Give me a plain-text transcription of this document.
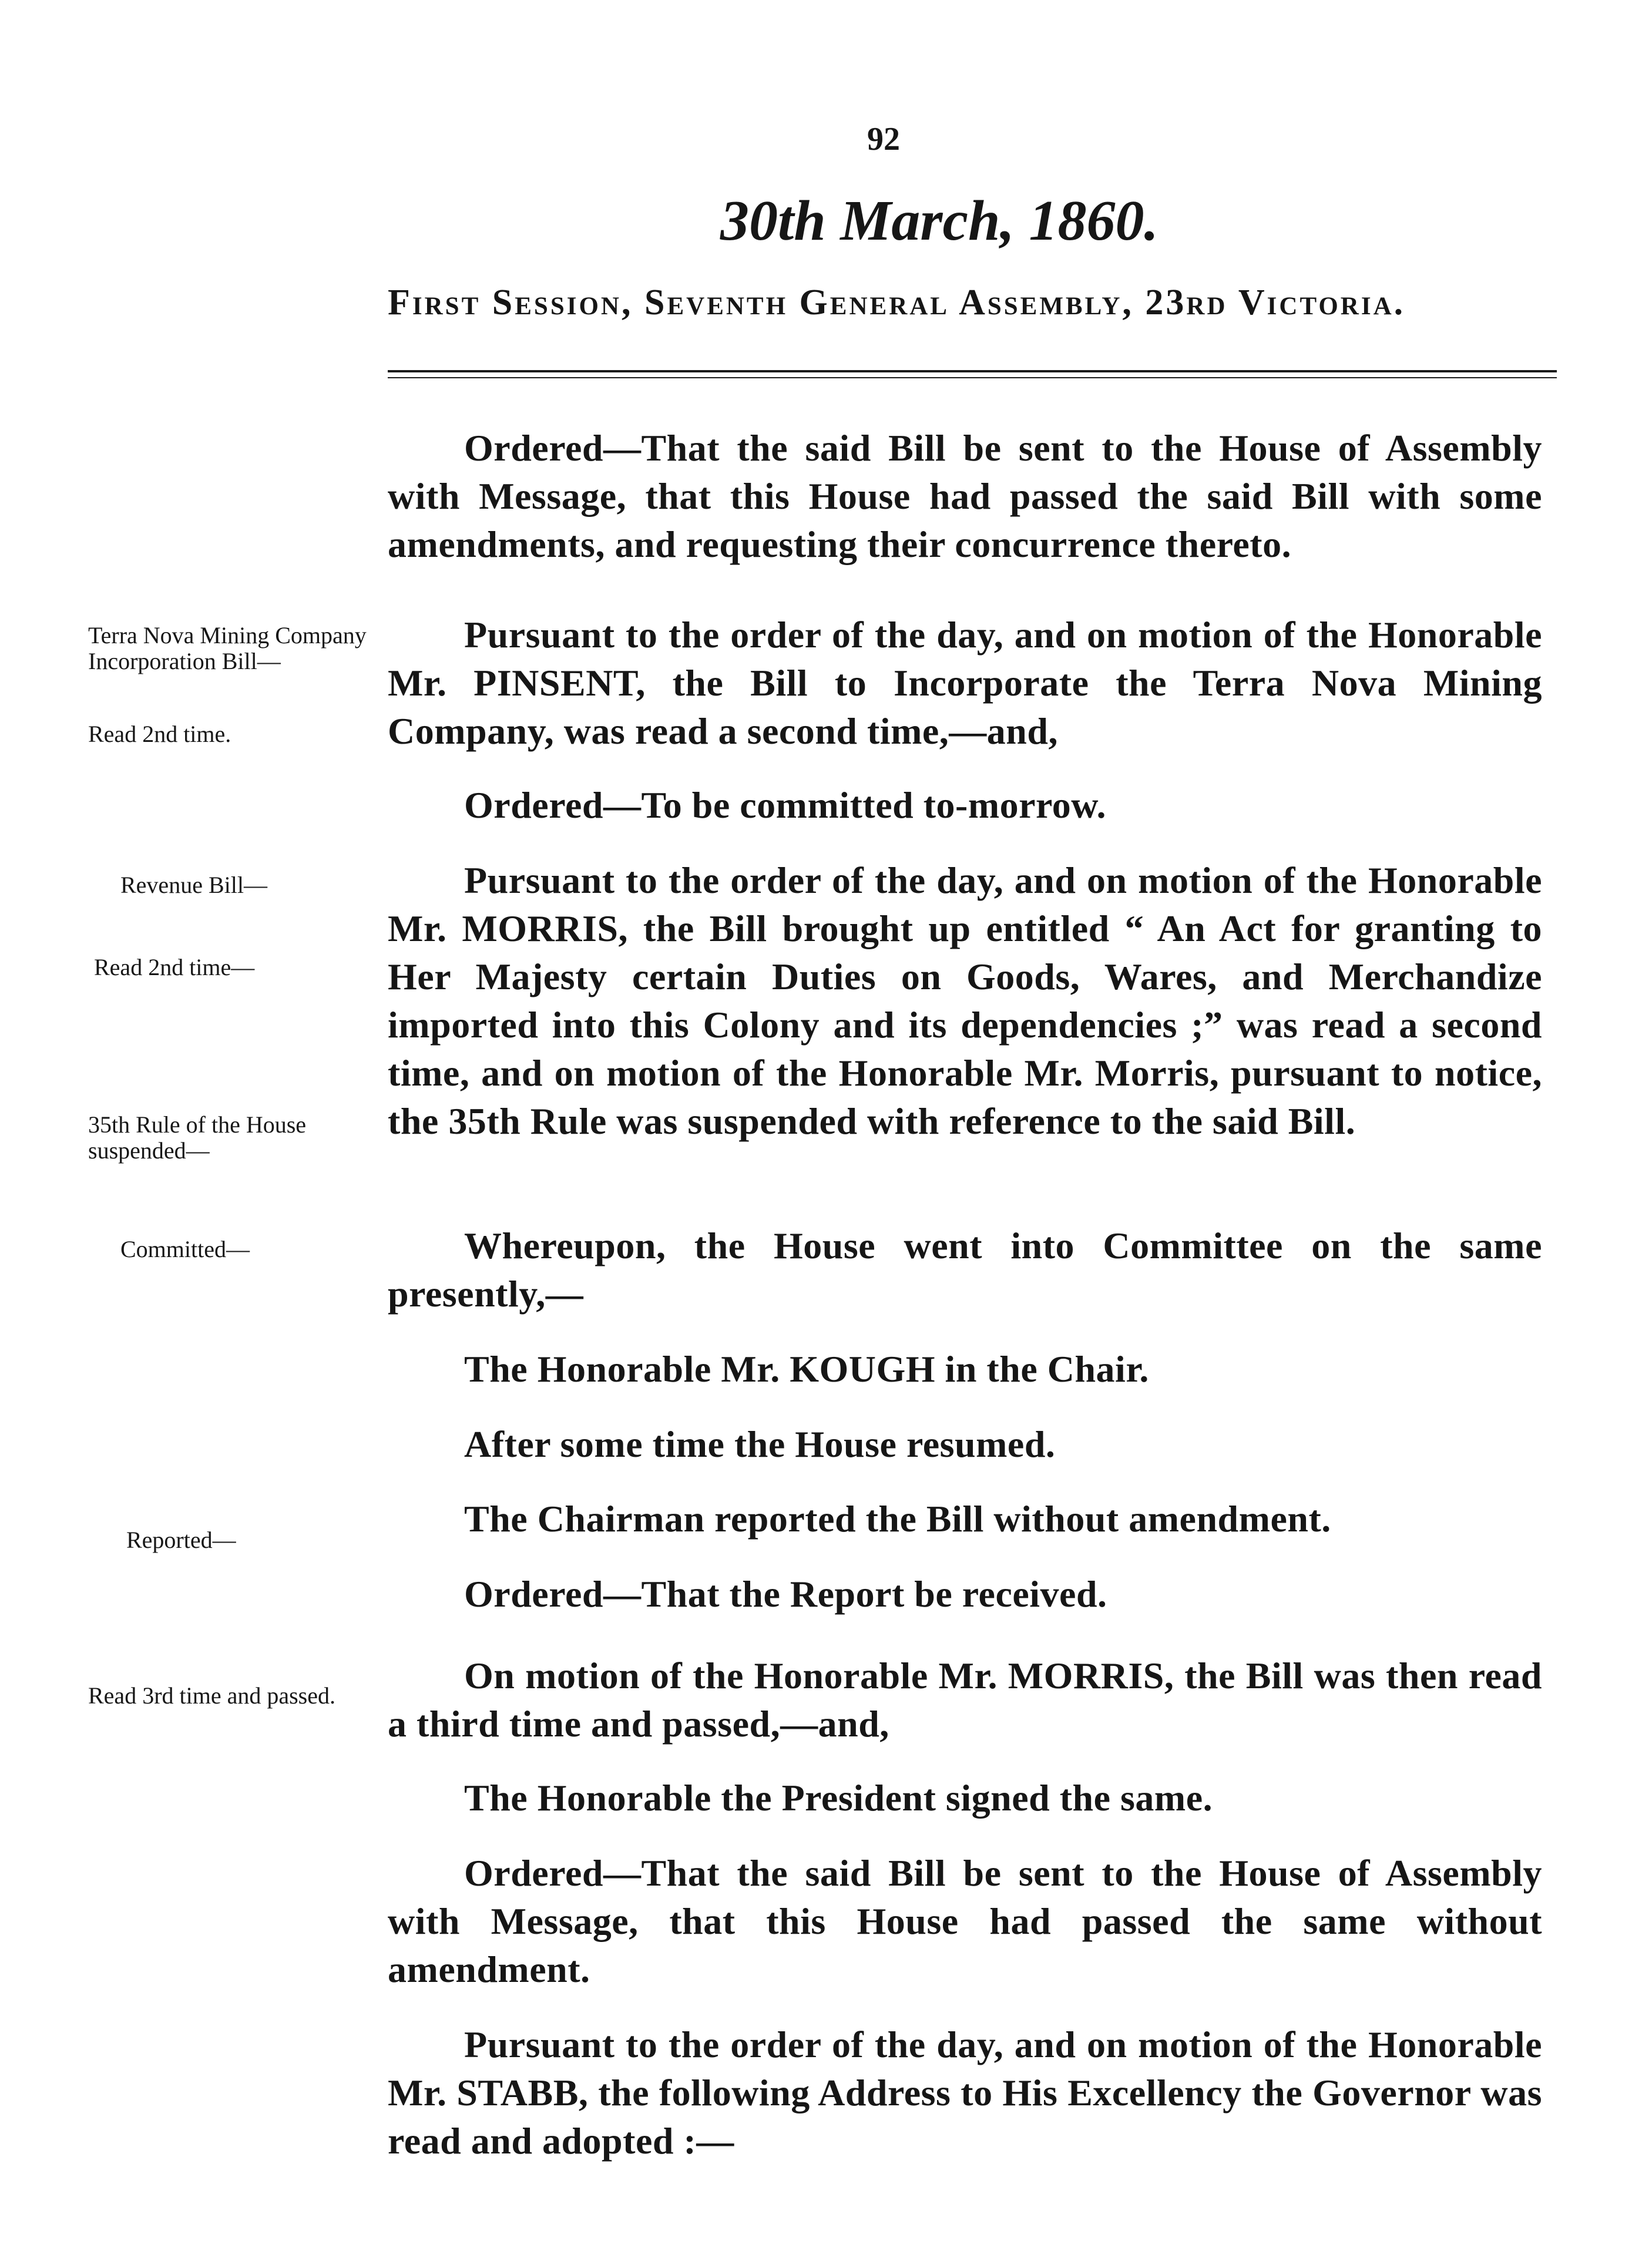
92
30th March, 1860.
First Session, Seventh General Assembly, 23rd Victoria.
Terra Nova Mining Company Incorporation Bill—
Read 2nd time.
Revenue Bill—
Read 2nd time—
35th Rule of the House suspended—
Committed—
Reported—
Read 3rd time and passed.

Ordered—That the said Bill be sent to the House of Assembly with Message, that this House had passed the said Bill with some amendments, and requesting their concurrence thereto.

Pursuant to the order of the day, and on motion of the Honorable Mr. PINSENT, the Bill to Incorporate the Terra Nova Mining Company, was read a second time,—and,

Ordered—To be committed to-morrow.

Pursuant to the order of the day, and on motion of the Honorable Mr. MORRIS, the Bill brought up entitled “ An Act for granting to Her Majesty certain Duties on Goods, Wares, and Merchandize imported into this Colony and its dependencies ;” was read a second time, and on motion of the Honorable Mr. Morris, pursuant to notice, the 35th Rule was suspended with reference to the said Bill.

Whereupon, the House went into Committee on the same presently,—

The Honorable Mr. KOUGH in the Chair.

After some time the House resumed.

The Chairman reported the Bill without amendment.

Ordered—That the Report be received.

On motion of the Honorable Mr. MORRIS, the Bill was then read a third time and passed,—and,

The Honorable the President signed the same.

Ordered—That the said Bill be sent to the House of Assembly with Message, that this House had passed the same without amendment.

Pursuant to the order of the day, and on motion of the Honorable Mr. STABB, the following Address to His Excellency the Governor was read and adopted :—
